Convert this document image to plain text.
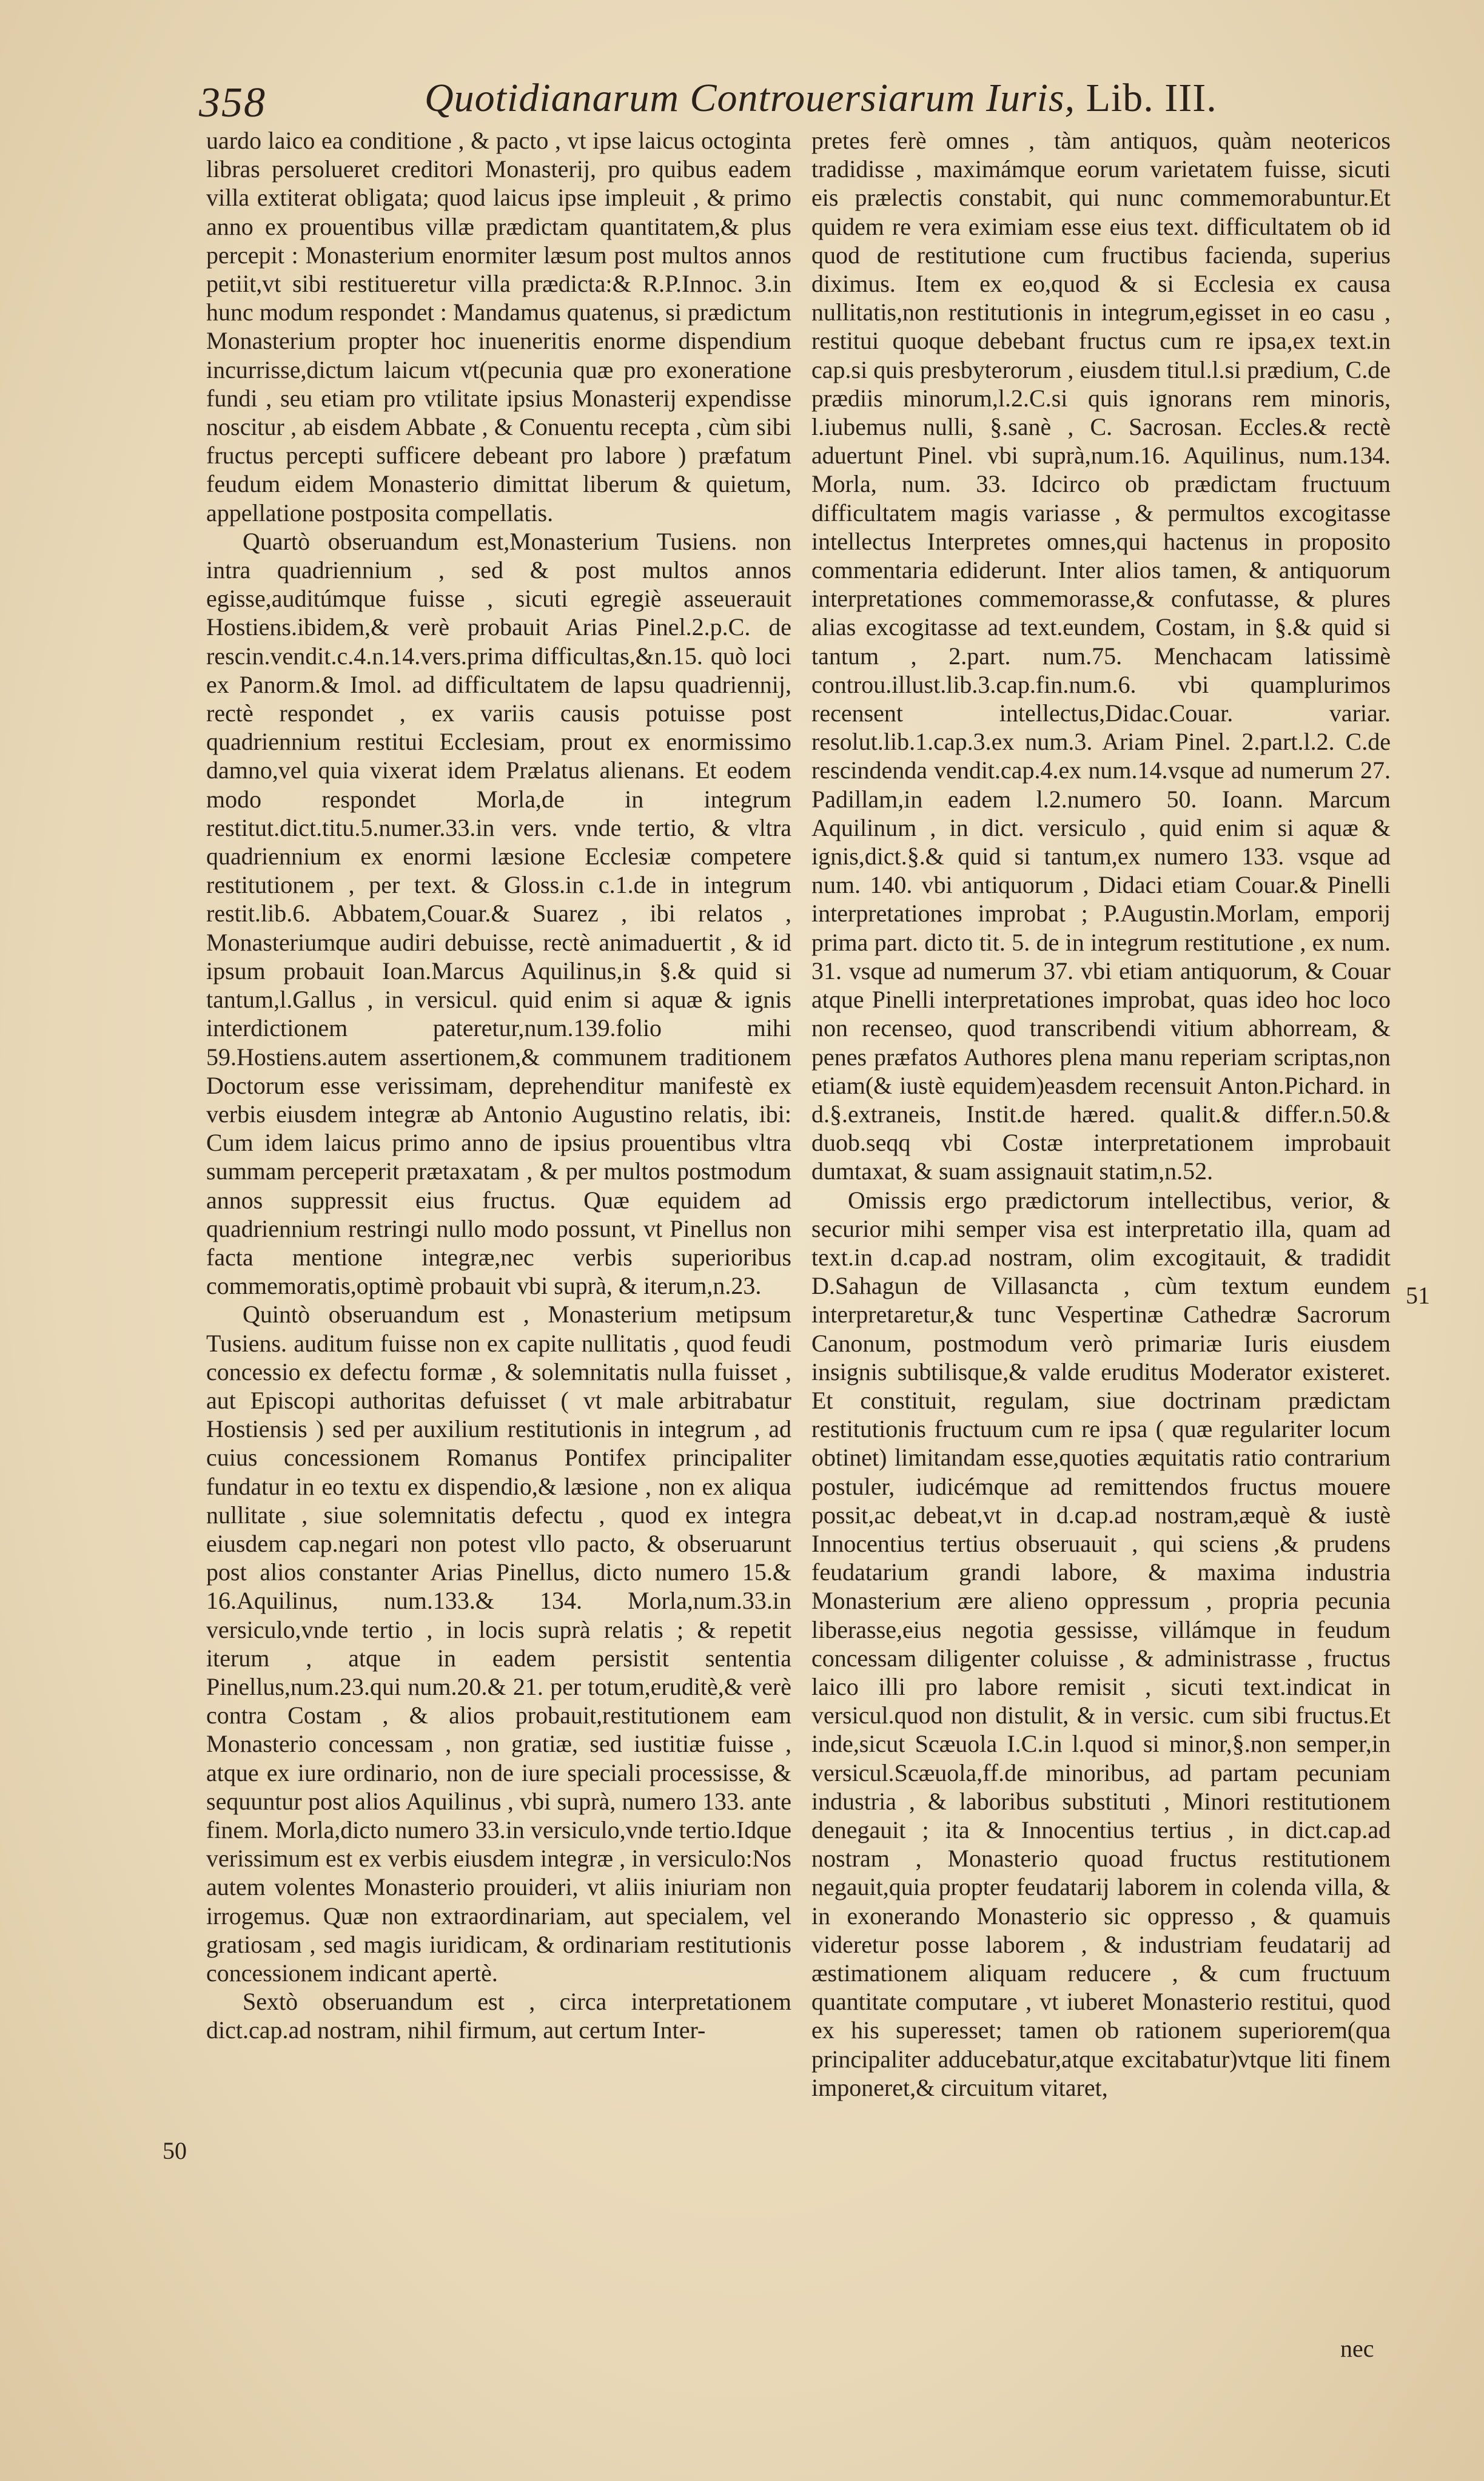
358	Quotidianarum Controuersiarum Iuris, Lib. III.

uardo laico ea conditione , & pacto , vt ipse laicus octoginta libras persolueret creditori Monasterij, pro quibus eadem villa extiterat obligata; quod laicus ipse impleuit , & primo anno ex prouentibus villæ prædictam quantitatem,& plus percepit : Monasterium enormiter læsum post multos annos petiit,vt sibi restitueretur villa prædicta:& R.P.Innoc. 3.in hunc modum respondet : Mandamus quatenus, si prædictum Monasterium propter hoc inueneritis enorme dispendium incurrisse,dictum laicum vt(pecunia quæ pro exoneratione fundi , seu etiam pro vtilitate ipsius Monasterij expendisse noscitur , ab eisdem Abbate , & Conuentu recepta , cùm sibi fructus percepti sufficere debeant pro labore ) præfatum feudum eidem Monasterio dimittat liberum & quietum, appellatione postposita compellatis.

Quartò obseruandum est,Monasterium Tusiens. non intra quadriennium , sed & post multos annos egisse,auditúmque fuisse , sicuti egregiè asseuerauit Hostiens.ibidem,& verè probauit Arias Pinel.2.p.C. de rescin.vendit.c.4.n.14.vers.prima difficultas,&n.15. quò loci ex Panorm.& Imol. ad difficultatem de lapsu quadriennij, rectè respondet , ex variis causis potuisse post quadriennium restitui Ecclesiam, prout ex enormissimo damno,vel quia vixerat idem Prælatus alienans. Et eodem modo respondet Morla,de in integrum restitut.dict.titu.5.numer.33.in vers. vnde tertio, & vltra quadriennium ex enormi læsione Ecclesiæ competere restitutionem , per text. & Gloss.in c.1.de in integrum restit.lib.6. Abbatem,Couar.& Suarez , ibi relatos , Monasteriumque audiri debuisse, rectè animaduertit , & id ipsum probauit Ioan.Marcus Aquilinus,in §.& quid si tantum,l.Gallus , in versicul. quid enim si aquæ & ignis interdictionem pateretur,num.139.folio mihi 59.Hostiens.autem assertionem,& communem traditionem Doctorum esse verissimam, deprehenditur manifestè ex verbis eiusdem integræ ab Antonio Augustino relatis, ibi: Cum idem laicus primo anno de ipsius prouentibus vltra summam perceperit prætaxatam , & per multos postmodum annos suppressit eius fructus. Quæ equidem ad quadriennium restringi nullo modo possunt, vt Pinellus non facta mentione integræ,nec verbis superioribus commemoratis,optimè probauit vbi suprà, & iterum,n.23.

Quintò obseruandum est , Monasterium metipsum Tusiens. auditum fuisse non ex capite nullitatis , quod feudi concessio ex defectu formæ , & solemnitatis nulla fuisset , aut Episcopi authoritas defuisset ( vt male arbitrabatur Hostiensis ) sed per auxilium restitutionis in integrum , ad cuius concessionem Romanus Pontifex principaliter fundatur in eo textu ex dispendio,& læsione , non ex aliqua nullitate , siue solemnitatis defectu , quod ex integra eiusdem cap.negari non potest vllo pacto, & obseruarunt post alios constanter Arias Pinellus, dicto numero 15.& 16.Aquilinus, num.133.& 134. Morla,num.33.in versiculo,vnde tertio , in locis suprà relatis ; & repetit iterum , atque in eadem persistit sententia Pinellus,num.23.qui num.20.& 21. per totum,eruditè,& verè contra Costam , & alios probauit,restitutionem eam Monasterio concessam , non gratiæ, sed iustitiæ fuisse , atque ex iure ordinario, non de iure speciali processisse, & sequuntur post alios Aquilinus , vbi suprà, numero 133. ante finem. Morla,dicto numero 33.in versiculo,vnde tertio.Idque verissimum est ex verbis eiusdem integræ , in versiculo:Nos autem volentes Monasterio prouideri, vt aliis iniuriam non irrogemus. Quæ non extraordinariam, aut specialem, vel gratiosam , sed magis iuridicam, & ordinariam restitutionis concessionem indicant apertè.

Sextò obseruandum est , circa interpretationem dict.cap.ad nostram, nihil firmum, aut certum Inter-

pretes ferè omnes , tàm antiquos, quàm neotericos tradidisse , maximámque eorum varietatem fuisse, sicuti eis prælectis constabit, qui nunc commemorabuntur.Et quidem re vera eximiam esse eius text. difficultatem ob id quod de restitutione cum fructibus facienda, superius diximus. Item ex eo,quod & si Ecclesia ex causa nullitatis,non restitutionis in integrum,egisset in eo casu , restitui quoque debebant fructus cum re ipsa,ex text.in cap.si quis presbyterorum , eiusdem titul.l.si prædium, C.de prædiis minorum,l.2.C.si quis ignorans rem minoris, l.iubemus nulli, §.sanè , C. Sacrosan. Eccles.& rectè aduertunt Pinel. vbi suprà,num.16. Aquilinus, num.134. Morla, num. 33. Idcirco ob prædictam fructuum difficultatem magis variasse , & permultos excogitasse intellectus Interpretes omnes,qui hactenus in proposito commentaria ediderunt. Inter alios tamen, & antiquorum interpretationes commemorasse,& confutasse, & plures alias excogitasse ad text.eundem, Costam, in §.& quid si tantum , 2.part. num.75. Menchacam latissimè controu.illust.lib.3.cap.fin.num.6. vbi quamplurimos recensent intellectus,Didac.Couar. variar. resolut.lib.1.cap.3.ex num.3. Ariam Pinel. 2.part.l.2. C.de rescindenda vendit.cap.4.ex num.14.vsque ad numerum 27. Padillam,in eadem l.2.numero 50. Ioann. Marcum Aquilinum , in dict. versiculo , quid enim si aquæ & ignis,dict.§.& quid si tantum,ex numero 133. vsque ad num. 140. vbi antiquorum , Didaci etiam Couar.& Pinelli interpretationes improbat ; P.Augustin.Morlam, emporij prima part. dicto tit. 5. de in integrum restitutione , ex num. 31. vsque ad numerum 37. vbi etiam antiquorum, & Couar atque Pinelli interpretationes improbat, quas ideo hoc loco non recenseo, quod transcribendi vitium abhorream, & penes præfatos Authores plena manu reperiam scriptas,non etiam(& iustè equidem)easdem recensuit Anton.Pichard. in d.§.extraneis, Instit.de hæred. qualit.& differ.n.50.& duob.seqq vbi Costæ interpretationem improbauit dumtaxat, & suam assignauit statim,n.52.

Omissis ergo prædictorum intellectibus, verior, & securior mihi semper visa est interpretatio illa, quam ad text.in d.cap.ad nostram, olim excogitauit, & tradidit D.Sahagun de Villasancta , cùm textum eundem interpretaretur,& tunc Vespertinæ Cathedræ Sacrorum Canonum, postmodum verò primariæ Iuris eiusdem insignis subtilisque,& valde eruditus Moderator existeret. Et constituit, regulam, siue doctrinam prædictam restitutionis fructuum cum re ipsa ( quæ regulariter locum obtinet) limitandam esse,quoties æquitatis ratio contrarium postuler, iudicémque ad remittendos fructus mouere possit,ac debeat,vt in d.cap.ad nostram,æquè & iustè Innocentius tertius obseruauit , qui sciens ,& prudens feudatarium grandi labore, & maxima industria Monasterium ære alieno oppressum , propria pecunia liberasse,eius negotia gessisse, villámque in feudum concessam diligenter coluisse , & administrasse , fructus laico illi pro labore remisit , sicuti text.indicat in versicul.quod non distulit, & in versic. cum sibi fructus.Et inde,sicut Scæuola I.C.in l.quod si minor,§.non semper,in versicul.Scæuola,ff.de minoribus, ad partam pecuniam industria , & laboribus substituti , Minori restitutionem denegauit ; ita & Innocentius tertius , in dict.cap.ad nostram , Monasterio quoad fructus restitutionem negauit,quia propter feudatarij laborem in colenda villa, & in exonerando Monasterio sic oppresso , & quamuis videretur posse laborem , & industriam feudatarij ad æstimationem aliquam reducere , & cum fructuum quantitate computare , vt iuberet Monasterio restitui, quod ex his superesset; tamen ob rationem superiorem(qua principaliter adducebatur,atque excitabatur)vtque liti finem imponeret,& circuitum vitaret,

51
50
nec
